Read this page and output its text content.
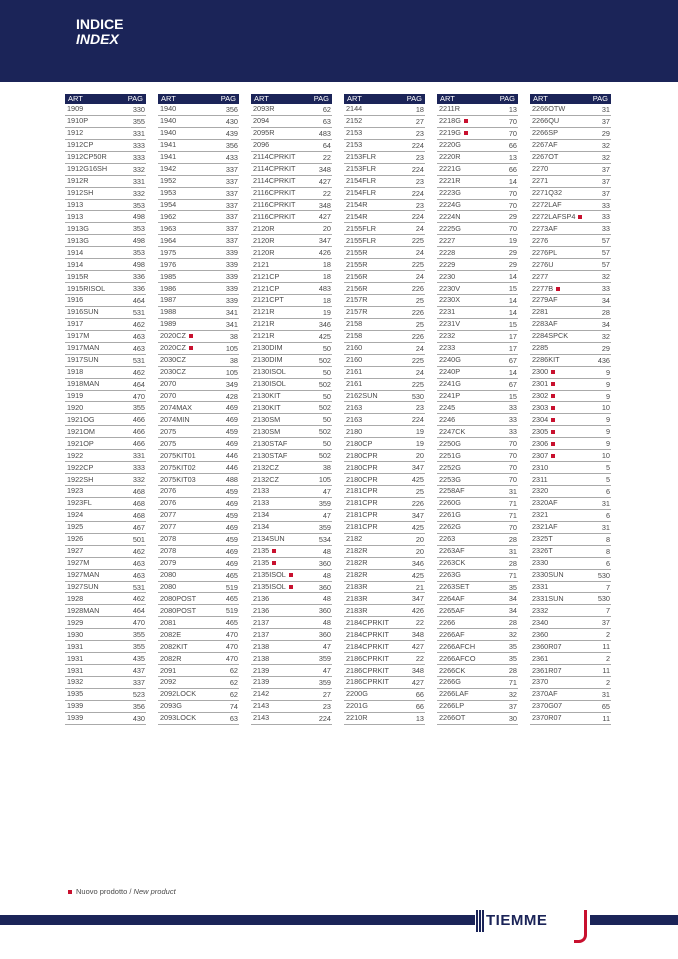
INDICE
INDEX
ART	PAG
1909	330
1910P	355
1912	331
1912CP	333
1912CP50R	333
1912G16SH	332
1912R	331
1912SH	332
1913	353
1913	498
1913G	353
1913G	498
1914	353
1914	498
1915R	336
1915RISOL	336
1916	464
1916SUN	531
1917	462
1917M	463
1917MAN	463
1917SUN	531
1918	462
1918MAN	464
1919	470
1920	355
1921OG	466
1921OM	466
1921OP	466
1922	331
1922CP	333
1922SH	332
1923	468
1923FL	468
1924	468
1925	467
1926	501
1927	462
1927M	463
1927MAN	463
1927SUN	531
1928	462
1928MAN	464
1929	470
1930	355
1931	355
1931	435
1931	437
1932	337
1935	523
1939	356
1939	430
ART	PAG
1940	356
1940	430
1940	439
1941	356
1941	433
1942	337
1952	337
1953	337
1954	337
1962	337
1963	337
1964	337
1975	339
1976	339
1985	339
1986	339
1987	339
1988	341
1989	341
2020CZ	38
2020CZ	105
2030CZ	38
2030CZ	105
2070	349
2070	428
2074MAX	469
2074MIN	469
2075	459
2075	469
2075KIT01	446
2075KIT02	446
2075KIT03	488
2076	459
2076	469
2077	459
2077	469
2078	459
2078	469
2079	469
2080	465
2080	519
2080POST	465
2080POST	519
2081	465
2082E	470
2082KIT	470
2082R	470
2091	62
2092	62
2092LOCK	62
2093G	74
2093LOCK	63
ART	PAG
2093R	62
2094	63
2095R	483
2096	64
2114CPRKIT	22
2114CPRKIT	348
2114CPRKIT	427
2116CPRKIT	22
2116CPRKIT	348
2116CPRKIT	427
2120R	20
2120R	347
2120R	426
2121	18
2121CP	18
2121CP	483
2121CPT	18
2121R	19
2121R	346
2121R	425
2130DIM	50
2130DIM	502
2130ISOL	50
2130ISOL	502
2130KIT	50
2130KIT	502
2130SM	50
2130SM	502
2130STAF	50
2130STAF	502
2132CZ	38
2132CZ	105
2133	47
2133	359
2134	47
2134	359
2134SUN	534
2135	48
2135	360
2135ISOL	48
2135ISOL	360
2136	48
2136	360
2137	48
2137	360
2138	47
2138	359
2139	47
2139	359
2142	27
2143	23
2143	224
ART	PAG
2144	18
2152	27
2153	23
2153	224
2153FLR	23
2153FLR	224
2154FLR	23
2154FLR	224
2154R	23
2154R	224
2155FLR	24
2155FLR	225
2155R	24
2155R	225
2156R	24
2156R	226
2157R	25
2157R	226
2158	25
2158	226
2160	24
2160	225
2161	24
2161	225
2162SUN	530
2163	23
2163	224
2180	19
2180CP	19
2180CPR	20
2180CPR	347
2180CPR	425
2181CPR	25
2181CPR	226
2181CPR	347
2181CPR	425
2182	20
2182R	20
2182R	346
2182R	425
2183R	21
2183R	347
2183R	426
2184CPRKIT	22
2184CPRKIT	348
2184CPRKIT	427
2186CPRKIT	22
2186CPRKIT	348
2186CPRKIT	427
2200G	66
2201G	66
2210R	13
ART	PAG
2211R	13
2218G	70
2219G	70
2220G	66
2220R	13
2221G	66
2221R	14
2223G	70
2224G	70
2224N	29
2225G	70
2227	19
2228	29
2229	29
2230	14
2230V	15
2230X	14
2231	14
2231V	15
2232	17
2233	17
2240G	67
2240P	14
2241G	67
2241P	15
2245	33
2246	33
2247CK	33
2250G	70
2251G	70
2252G	70
2253G	70
2258AF	31
2260G	71
2261G	71
2262G	70
2263	28
2263AF	31
2263CK	28
2263G	71
2263SET	35
2264AF	34
2265AF	34
2266	28
2266AF	32
2266AFCH	35
2266AFCO	35
2266CK	28
2266G	71
2266LAF	32
2266LP	37
2266OT	30
ART	PAG
2266OTW	31
2266QU	37
2266SP	29
2267AF	32
2267OT	32
2270	37
2271	37
2271Q32	37
2272LAF	33
2272LAFSP4	33
2273AF	33
2276	57
2276PL	57
2276U	57
2277	32
2277B	33
2279AF	34
2281	28
2283AF	34
2284SPCK	32
2285	29
2286KIT	436
2300	9
2301	9
2302	9
2303	10
2304	9
2305	9
2306	9
2307	10
2310	5
2311	5
2320	6
2320AF	31
2321	6
2321AF	31
2325T	8
2326T	8
2330	6
2330SUN	530
2331	7
2331SUN	530
2332	7
2340	37
2360	2
2360R07	11
2361	2
2361R07	11
2370	2
2370AF	31
2370G07	65
2370R07	11
Nuovo prodotto /
New product
TIEMME
